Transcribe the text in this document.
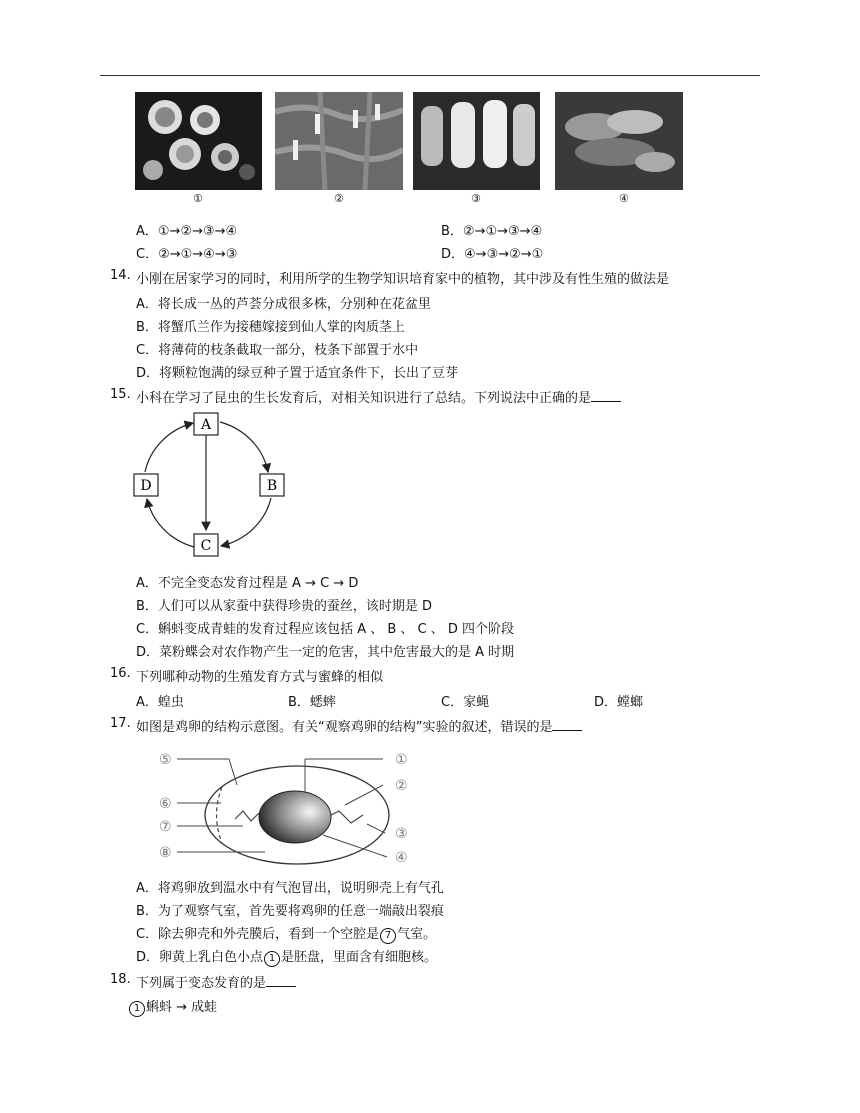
①	②	③	④
A．①→②→③→④	B．②→①→③→④
C．②→①→④→③	D．④→③→②→①
14. 小刚在居家学习的同时，利用所学的生物学知识培育家中的植物，其中涉及有性生殖的做法是
A．将长成一丛的芦荟分成很多株，分别种在花盆里
B．将蟹爪兰作为接穗嫁接到仙人掌的肉质茎上
C．将薄荷的枝条截取一部分，枝条下部置于水中
D．将颗粒饱满的绿豆种子置于适宜条件下，长出了豆芽
15. 小科在学习了昆虫的生长发育后，对相关知识进行了总结。下列说法中正确的是
A
B
C
D
A．不完全变态发育过程是 A → C → D
B．人们可以从家蚕中获得珍贵的蚕丝，该时期是 D
C．蝌蚪变成青蛙的发育过程应该包括 A 、 B 、 C 、 D 四个阶段
D．菜粉蝶会对农作物产生一定的危害，其中危害最大的是 A 时期
16. 下列哪种动物的生殖发育方式与蜜蜂的相似
A．蝗虫	B．蟋蟀	C．家蝇	D．螳螂
17. 如图是鸡卵的结构示意图。有关“观察鸡卵的结构”实验的叙述，错误的是
①
②
③
④
⑤
⑥
⑦
⑧
A．将鸡卵放到温水中有气泡冒出，说明卵壳上有气孔
B．为了观察气室，首先要将鸡卵的任意一端敲出裂痕
C．除去卵壳和外壳膜后，看到一个空腔是 7 气室。
D．卵黄上乳白色小点 1 是胚盘，里面含有细胞核。
18. 下列属于变态发育的是
1 蝌蚪 → 成蛙
